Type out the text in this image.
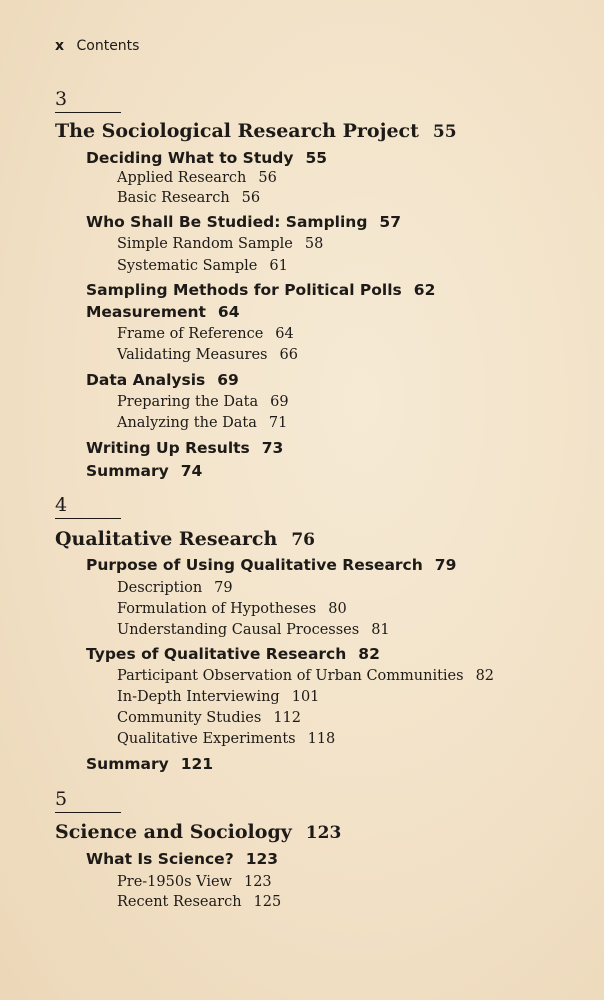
x Contents
3
The Sociological Research Project 55
Deciding What to Study 55
Applied Research 56
Basic Research 56
Who Shall Be Studied: Sampling 57
Simple Random Sample 58
Systematic Sample 61
Sampling Methods for Political Polls 62
Measurement 64
Frame of Reference 64
Validating Measures 66
Data Analysis 69
Preparing the Data 69
Analyzing the Data 71
Writing Up Results 73
Summary 74
4
Qualitative Research 76
Purpose of Using Qualitative Research 79
Description 79
Formulation of Hypotheses 80
Understanding Causal Processes 81
Types of Qualitative Research 82
Participant Observation of Urban Communities 82
In-Depth Interviewing 101
Community Studies 112
Qualitative Experiments 118
Summary 121
5
Science and Sociology 123
What Is Science? 123
Pre-1950s View 123
Recent Research 125
